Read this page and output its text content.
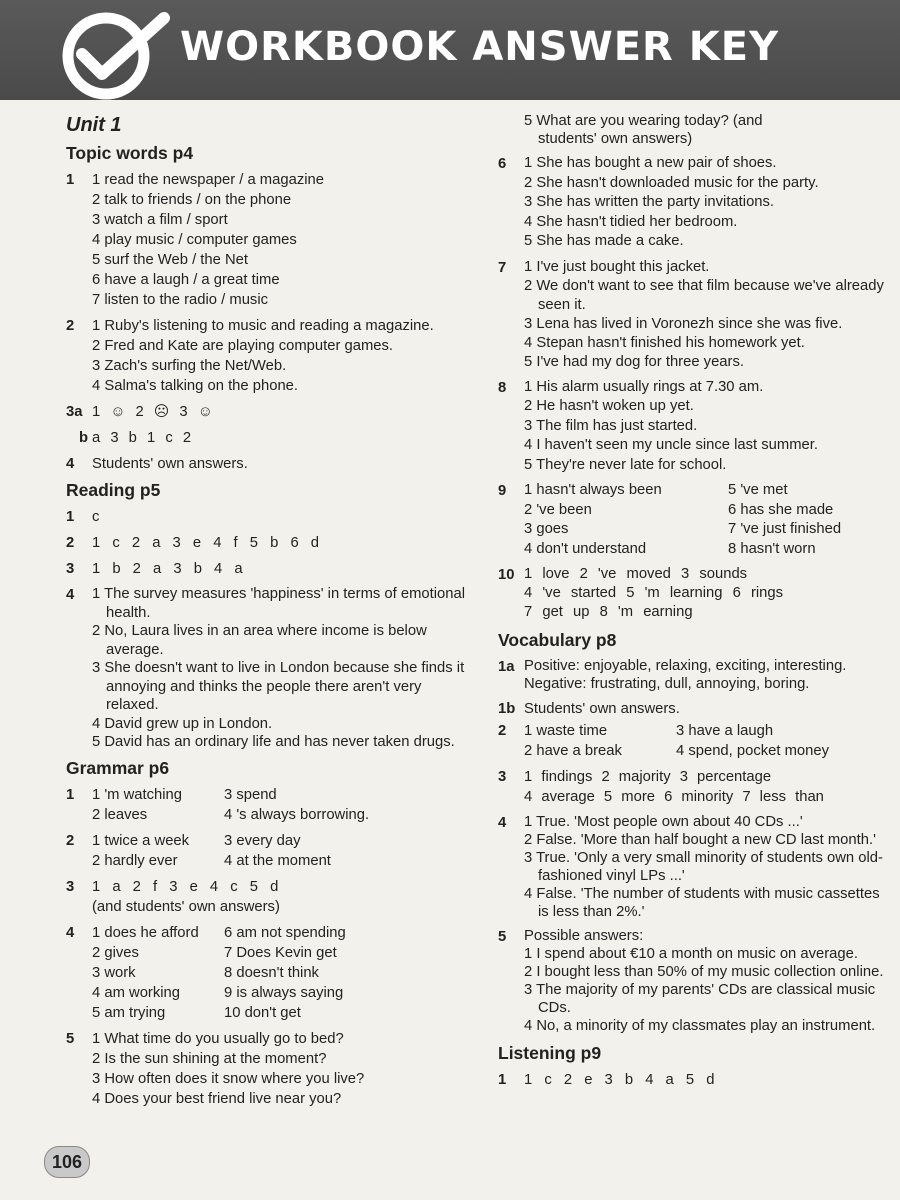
WORKBOOK ANSWER KEY
Unit 1
Topic words p4
1	1 read the newspaper / a magazine
2 talk to friends / on the phone
3 watch a film / sport
4 play music / computer games
5 surf the Web / the Net
6 have a laugh / a great time
7 listen to the radio / music
2	1 Ruby's listening to music and reading a magazine.
2 Fred and Kate are playing computer games.
3 Zach's surfing the Net/Web.
4 Salma's talking on the phone.
3a 1 ☺ 2 ☹ 3 ☺
b a 3 b 1 c 2
4	Students' own answers.
Reading p5
1	c
2	1 c 2 a 3 e 4 f 5 b 6 d
3	1 b 2 a 3 b 4 a
4	1 The survey measures 'happiness' in terms of emotional health.
2 No, Laura lives in an area where income is below average.
3 She doesn't want to live in London because she finds it annoying and thinks the people there aren't very relaxed.
4 David grew up in London.
5 David has an ordinary life and has never taken drugs.
Grammar p6
1	1 'm watching	3 spend
2 leaves	4 's always borrowing.
2	1 twice a week	3 every day
2 hardly ever	4 at the moment
3	1 a 2 f 3 e 4 c 5 d
(and students' own answers)
4	1 does he afford	6 am not spending
2 gives	7 Does Kevin get
3 work	8 doesn't think
4 am working	9 is always saying
5 am trying	10 don't get
5	1 What time do you usually go to bed?
2 Is the sun shining at the moment?
3 How often does it snow where you live?
4 Does your best friend live near you?
5 What are you wearing today? (and students' own answers)
6	1 She has bought a new pair of shoes.
2 She hasn't downloaded music for the party.
3 She has written the party invitations.
4 She hasn't tidied her bedroom.
5 She has made a cake.
7	1 I've just bought this jacket.
2 We don't want to see that film because we've already seen it.
3 Lena has lived in Voronezh since she was five.
4 Stepan hasn't finished his homework yet.
5 I've had my dog for three years.
8	1 His alarm usually rings at 7.30 am.
2 He hasn't woken up yet.
3 The film has just started.
4 I haven't seen my uncle since last summer.
5 They're never late for school.
9	1 hasn't always been	5 've met
2 've been	6 has she made
3 goes	7 've just finished
4 don't understand	8 hasn't worn
10 1 love 2 've moved 3 sounds
4 've started 5 'm learning 6 rings
7 get up 8 'm earning
Vocabulary p8
1a Positive: enjoyable, relaxing, exciting, interesting.
Negative: frustrating, dull, annoying, boring.
1b Students' own answers.
2	1 waste time	3 have a laugh
2 have a break	4 spend, pocket money
3	1 findings 2 majority 3 percentage
4 average 5 more 6 minority 7 less than
4	1 True. 'Most people own about 40 CDs ...'
2 False. 'More than half bought a new CD last month.'
3 True. 'Only a very small minority of students own old-fashioned vinyl LPs ...'
4 False. 'The number of students with music cassettes is less than 2%.'
5	Possible answers:
1 I spend about €10 a month on music on average.
2 I bought less than 50% of my music collection online.
3 The majority of my parents' CDs are classical music CDs.
4 No, a minority of my classmates play an instrument.
Listening p9
1	1 c 2 e 3 b 4 a 5 d
106
